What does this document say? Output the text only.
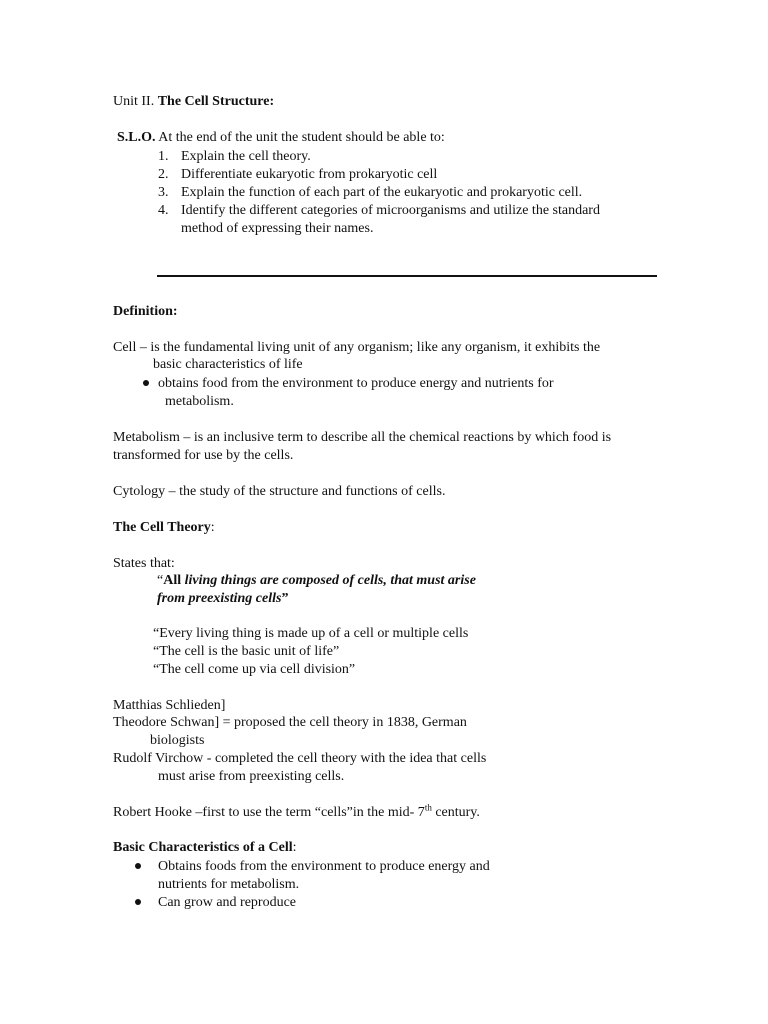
Unit II. The Cell Structure:
S.L.O. At the end of the unit the student should be able to:
1. Explain the cell theory.
2. Differentiate eukaryotic from prokaryotic cell
3. Explain the function of each part of the eukaryotic and prokaryotic cell.
4. Identify the different categories of microorganisms and utilize the standard
method of expressing their names.
Definition:
Cell – is the fundamental living unit of any organism; like any organism, it exhibits the
basic characteristics of life
obtains food from the environment to produce energy and nutrients for
metabolism.
Metabolism – is an inclusive term to describe all the chemical reactions by which food is
transformed for use by the cells.
Cytology – the study of the structure and functions of cells.
The Cell Theory:
States that:
“All living things are composed of cells, that must arise
from preexisting cells”
“Every living thing is made up of a cell or multiple cells
“The cell is the basic unit of life”
“The cell come up via cell division”
Matthias Schlieden]
Theodore Schwan] = proposed the cell theory in 1838, German
biologists
Rudolf Virchow - completed the cell theory with the idea that cells
must arise from preexisting cells.
Robert Hooke –first to use the term “cells”in the mid- 7th century.
Basic Characteristics of a Cell:
Obtains foods from the environment to produce energy and
nutrients for metabolism.
Can grow and reproduce
